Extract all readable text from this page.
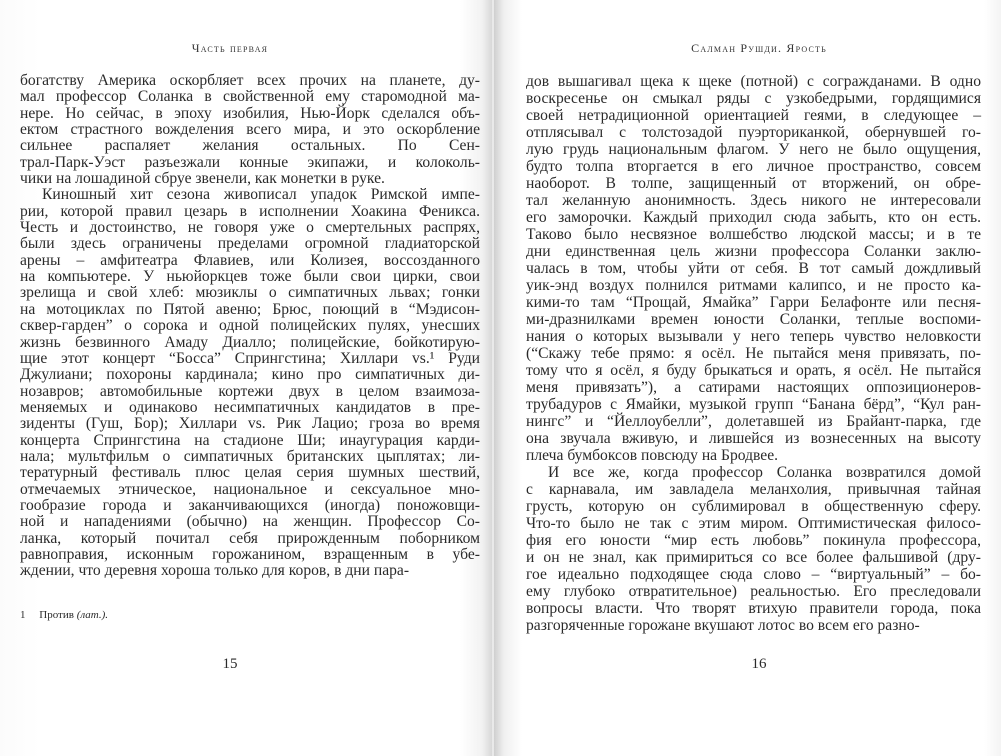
Часть первая
богатству Америка оскорбляет всех прочих на планете, ду-
мал профессор Соланка в свойственной ему старомодной ма-
нере. Но сейчас, в эпоху изобилия, Нью-Йорк сделался объ-
ектом страстного вожделения всего мира, и это оскорбление
сильнее распаляет желания остальных. По Сен-
трал-Парк-Уэст разъезжали конные экипажи, и колоколь-
чики на лошадиной сбруе звенели, как монетки в руке.
Киношный хит сезона живописал упадок Римской импе-
рии, которой правил цезарь в исполнении Хоакина Феникса.
Честь и достоинство, не говоря уже о смертельных распрях,
были здесь ограничены пределами огромной гладиаторской
арены – амфитеатра Флавиев, или Колизея, воссозданного
на компьютере. У ньюйоркцев тоже были свои цирки, свои
зрелища и свой хлеб: мюзиклы о симпатичных львах; гонки
на мотоциклах по Пятой авеню; Брюс, поющий в “Мэдисон-
сквер-гарден” о сорока и одной полицейских пулях, унесших
жизнь безвинного Амаду Диалло; полицейские, бойкотирую-
щие этот концерт “Босса” Спрингстина; Хиллари vs.¹ Руди
Джулиани; похороны кардинала; кино про симпатичных ди-
нозавров; автомобильные кортежи двух в целом взаимоза-
меняемых и одинаково несимпатичных кандидатов в пре-
зиденты (Гуш, Бор); Хиллари vs. Рик Лацио; гроза во время
концерта Спрингстина на стадионе Ши; инаугурация карди-
нала; мультфильм о симпатичных британских цыплятах; ли-
тературный фестиваль плюс целая серия шумных шествий,
отмечаемых этническое, национальное и сексуальное мно-
гообразие города и заканчивающихся (иногда) поножовщи-
ной и нападениями (обычно) на женщин. Профессор Со-
ланка, который почитал себя прирожденным поборником
равноправия, исконным горожанином, взращенным в убе-
ждении, что деревня хороша только для коров, в дни пара-
1 Против (лат.).
15
Салман Рушди. Ярость
дов вышагивал щека к щеке (потной) с согражданами. В одно
воскресенье он смыкал ряды с узкобедрыми, гордящимися
своей нетрадиционной ориентацией геями, в следующее –
отплясывал с толстозадой пуэрториканкой, обернувшей го-
лую грудь национальным флагом. У него не было ощущения,
будто толпа вторгается в его личное пространство, совсем
наоборот. В толпе, защищенный от вторжений, он обре-
тал желанную анонимность. Здесь никого не интересовали
его заморочки. Каждый приходил сюда забыть, кто он есть.
Таково было несвязное волшебство людской массы; и в те
дни единственная цель жизни профессора Соланки заклю-
чалась в том, чтобы уйти от себя. В тот самый дождливый
уик-энд воздух полнился ритмами калипсо, и не просто ка-
кими-то там “Прощай, Ямайка” Гарри Белафонте или песня-
ми-дразнилками времен юности Соланки, теплые воспоми-
нания о которых вызывали у него теперь чувство неловкости
(“Скажу тебе прямо: я осёл. Не пытайся меня привязать, по-
тому что я осёл, я буду брыкаться и орать, я осёл. Не пытайся
меня привязать”), а сатирами настоящих оппозиционеров-
трубадуров с Ямайки, музыкой групп “Банана бёрд”, “Кул ран-
нингс” и “Йеллоубелли”, долетавшей из Брайант-парка, где
она звучала вживую, и лившейся из вознесенных на высоту
плеча бумбоксов повсюду на Бродвее.
И все же, когда профессор Соланка возвратился домой
с карнавала, им завладела меланхолия, привычная тайная
грусть, которую он сублимировал в общественную сферу.
Что-то было не так с этим миром. Оптимистическая филосо-
фия его юности “мир есть любовь” покинула профессора,
и он не знал, как примириться со все более фальшивой (дру-
гое идеально подходящее сюда слово – “виртуальный” – бо-
ему глубоко отвратительное) реальностью. Его преследовали
вопросы власти. Что творят втихую правители города, пока
разгоряченные горожане вкушают лотос во всем его разно-
16
